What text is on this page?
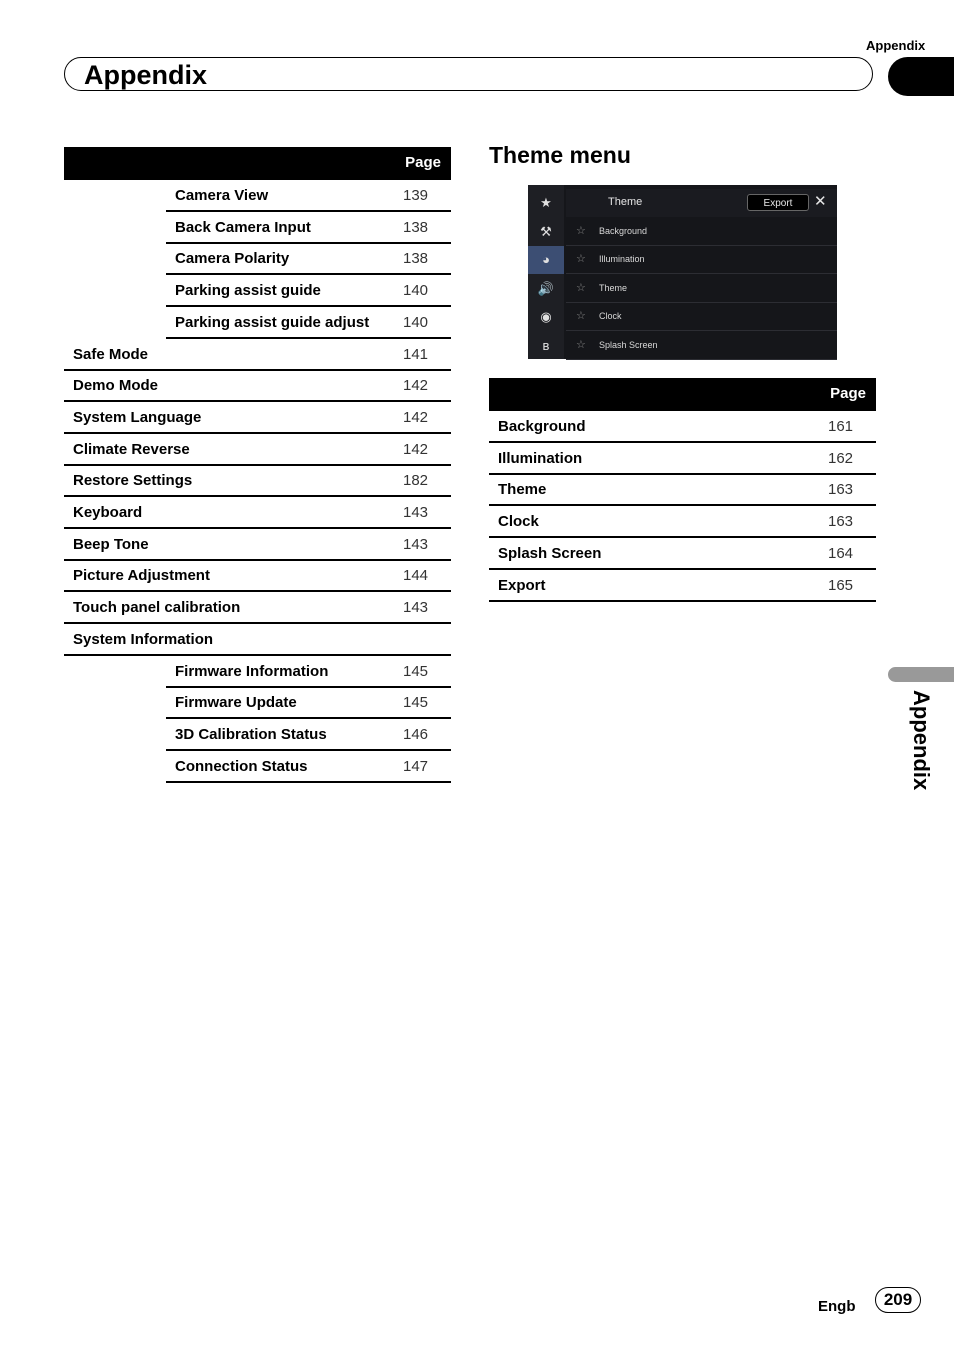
Appendix
Appendix
Page
Camera View	139
Back Camera Input	138
Camera Polarity	138
Parking assist guide	140
Parking assist guide adjust 140
Safe Mode	141
Demo Mode	142
System Language	142
Climate Reverse	142
Restore Settings	182
Keyboard	143
Beep Tone	143
Picture Adjustment	144
Touch panel calibration	143
System Information
Firmware Information	145
Firmware Update	145
3D Calibration Status	146
Connection Status	147
Theme menu
★
⚒
◕
🔊
◉
ʙ
Theme	Export	✕
☆ Background
☆ Illumination
☆ Theme
☆ Clock
☆ Splash Screen
Page
Background	161
Illumination	162
Theme	163
Clock	163
Splash Screen	164
Export	165
Appendix
Engb	209
